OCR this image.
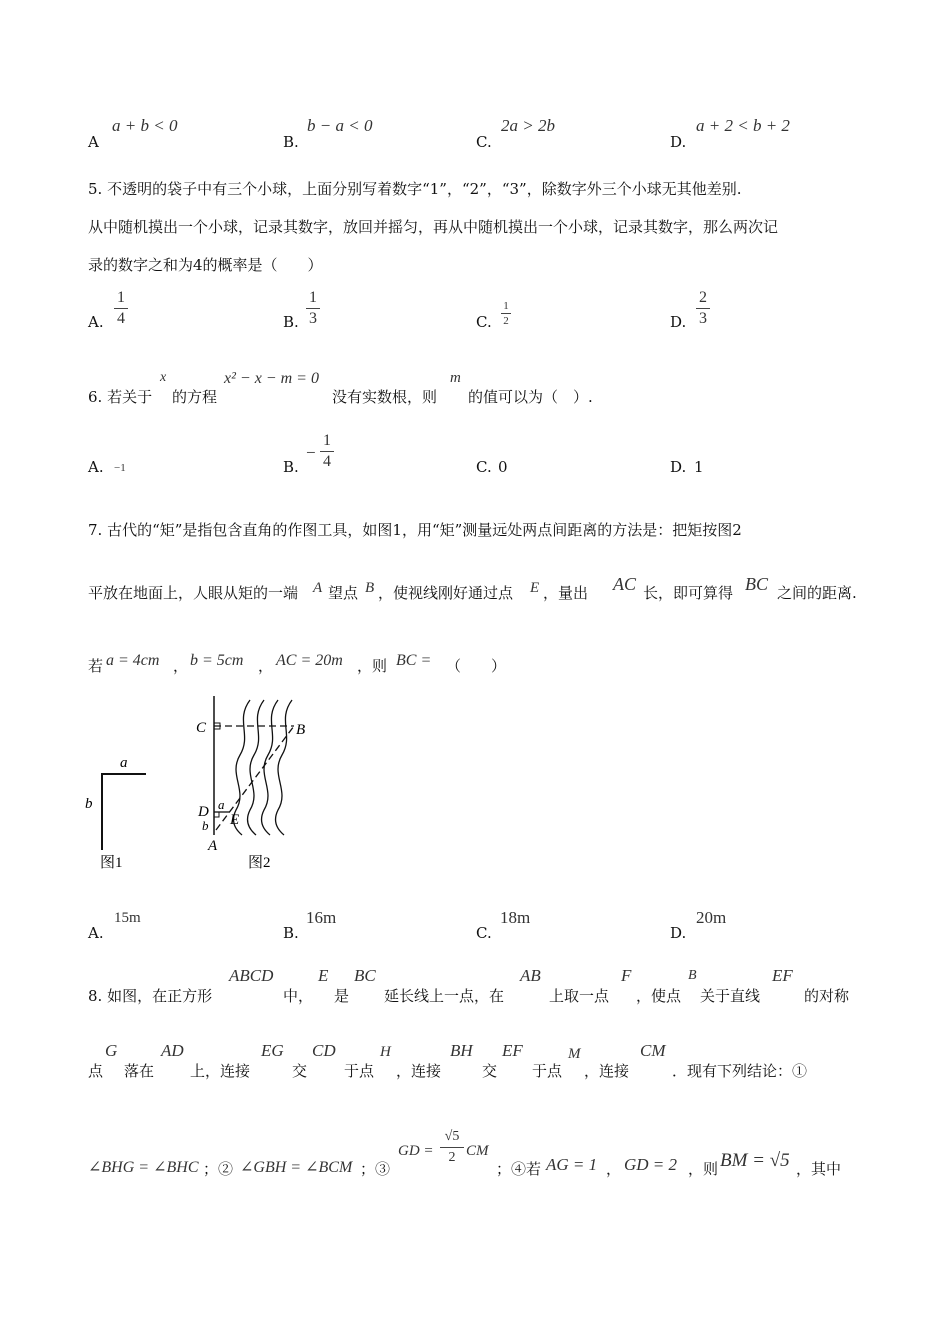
A
a + b < 0
B.
b − a < 0
C.
2a > 2b
D.
a + 2 < b + 2
5. 不透明的袋子中有三个小球，上面分别写着数字“1”，“2”，“3”，除数字外三个小球无其他差别.
从中随机摸出一个小球，记录其数字，放回并摇匀，再从中随机摸出一个小球，记录其数字，那么两次记
录的数字之和为4的概率是（　　）
A.
1
4	B.
1
3	C.
1
2	D.
2
3
6. 若关于
x
的方程
x² − x − m = 0
没有实数根，则
m
的值可以为（　）.
A. −1	B.
−
1
4	C. 0	D. 1
7. 古代的“矩”是指包含直角的作图工具，如图1，用“矩”测量远处两点间距离的方法是：把矩按图2
平放在地面上，人眼从矩的一端 A 望点 B ，使视线刚好通过点 E ，量出 AC 长，即可算得 BC 之间的距离.
若 a = 4cm ， b = 5cm ， AC = 20m ，则 BC = （　　）
a
b
图1
C	B
D a
b E
A
图2
A.
15m
B.
16m
C.
18m
D.
20m
8. 如图，在正方形
ABCD
中，
E
是
BC
延长线上一点，在
AB
上取一点
F
，使点
B
关于直线
EF
的对称
点
G
落在
AD
上，连接
EG
交
CD
于点
H
，连接
BH
交
EF
于点
M
，连接
CM
．现有下列结论：①
∠BHG = ∠BHC ；② ∠GBH = ∠BCM ；③
GD =
√5
2 CM
；④若 AG = 1 ， GD = 2 ，则 BM = √5 ，其中
